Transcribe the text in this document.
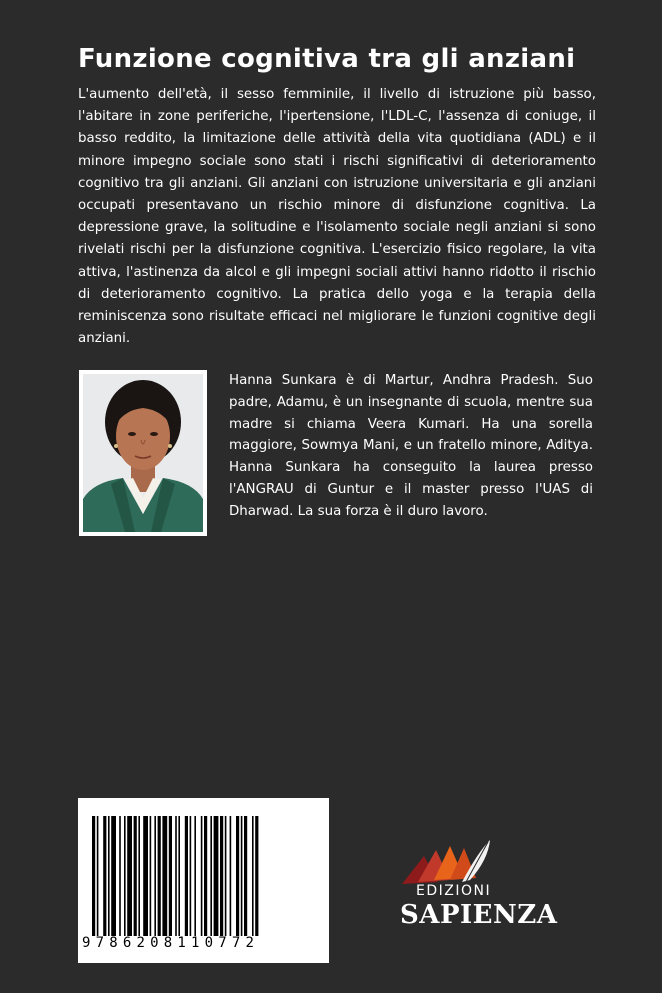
Funzione cognitiva tra gli anziani

L'aumento dell'età, il sesso femminile, il livello di istruzione più basso, l'abitare in zone periferiche, l'ipertensione, l'LDL-C, l'assenza di coniuge, il basso reddito, la limitazione delle attività della vita quotidiana (ADL) e il minore impegno sociale sono stati i rischi significativi di deterioramento cognitivo tra gli anziani. Gli anziani con istruzione universitaria e gli anziani occupati presentavano un rischio minore di disfunzione cognitiva. La depressione grave, la solitudine e l'isolamento sociale negli anziani si sono rivelati rischi per la disfunzione cognitiva. L'esercizio fisico regolare, la vita attiva, l'astinenza da alcol e gli impegni sociali attivi hanno ridotto il rischio di deterioramento cognitivo. La pratica dello yoga e la terapia della reminiscenza sono risultate efficaci nel migliorare le funzioni cognitive degli anziani.

Hanna Sunkara è di Martur, Andhra Pradesh. Suo padre, Adamu, è un insegnante di scuola, mentre sua madre si chiama Veera Kumari. Ha una sorella maggiore, Sowmya Mani, e un fratello minore, Aditya. Hanna Sunkara ha conseguito la laurea presso l'ANGRAU di Guntur e il master presso l'UAS di Dharwad. La sua forza è il duro lavoro.

9786208110772
EDIZIONI
SAPIENZA
